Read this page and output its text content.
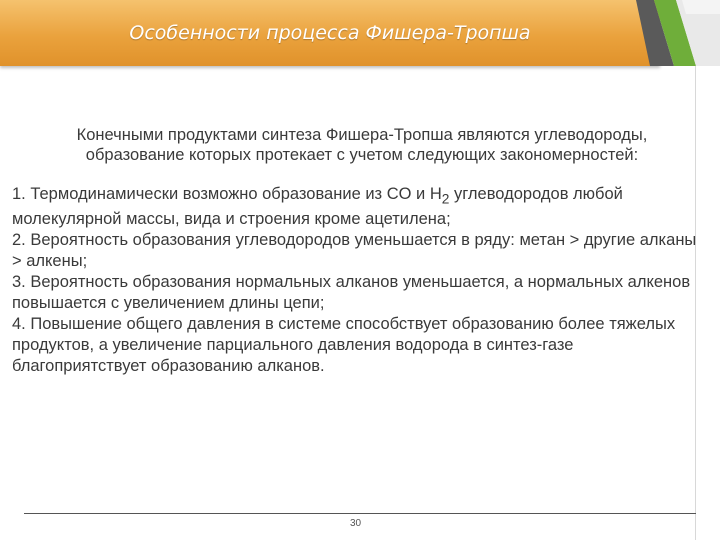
Особенности процесса Фишера-Тропша
Конечными продуктами синтеза Фишера-Тропша являются углеводороды,
образование которых протекает с учетом следующих закономерностей:

1. Термодинамически возможно образование из CO и $H_2$ углеводородов любой молекулярной массы, вида и строения кроме ацетилена;

2. Вероятность образования углеводородов уменьшается в ряду: метан > другие алканы > алкены;

3. Вероятность образования нормальных алканов уменьшается, а нормальных алкенов повышается с увеличением длины цепи;

4. Повышение общего давления в системе способствует образованию более тяжелых продуктов, а увеличение парциального давления водорода в синтез-газе благоприятствует образованию алканов.

30
